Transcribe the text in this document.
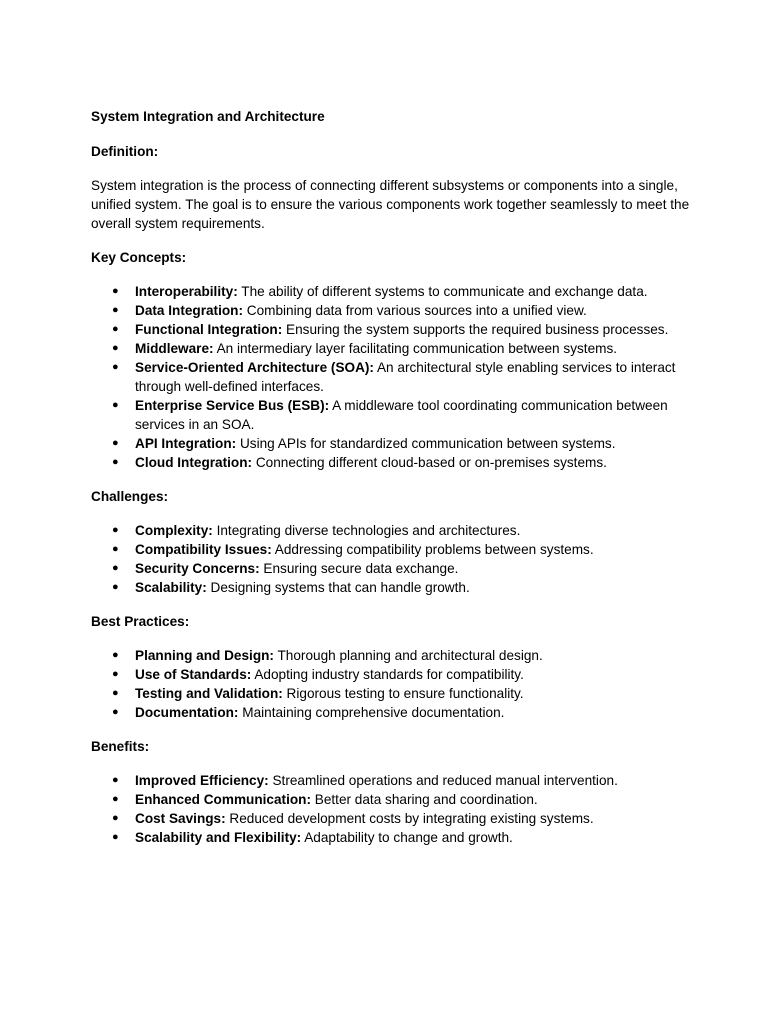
System Integration and Architecture

Definition:

System integration is the process of connecting different subsystems or components into a single, unified system. The goal is to ensure the various components work together seamlessly to meet the overall system requirements.

Key Concepts:

● Interoperability: The ability of different systems to communicate and exchange data.
● Data Integration: Combining data from various sources into a unified view.
● Functional Integration: Ensuring the system supports the required business processes.
● Middleware: An intermediary layer facilitating communication between systems.
● Service-Oriented Architecture (SOA): An architectural style enabling services to interact through well-defined interfaces.
● Enterprise Service Bus (ESB): A middleware tool coordinating communication between services in an SOA.
● API Integration: Using APIs for standardized communication between systems.
● Cloud Integration: Connecting different cloud-based or on-premises systems.

Challenges:

● Complexity: Integrating diverse technologies and architectures.
● Compatibility Issues: Addressing compatibility problems between systems.
● Security Concerns: Ensuring secure data exchange.
● Scalability: Designing systems that can handle growth.

Best Practices:

● Planning and Design: Thorough planning and architectural design.
● Use of Standards: Adopting industry standards for compatibility.
● Testing and Validation: Rigorous testing to ensure functionality.
● Documentation: Maintaining comprehensive documentation.

Benefits:

● Improved Efficiency: Streamlined operations and reduced manual intervention.
● Enhanced Communication: Better data sharing and coordination.
● Cost Savings: Reduced development costs by integrating existing systems.
● Scalability and Flexibility: Adaptability to change and growth.
